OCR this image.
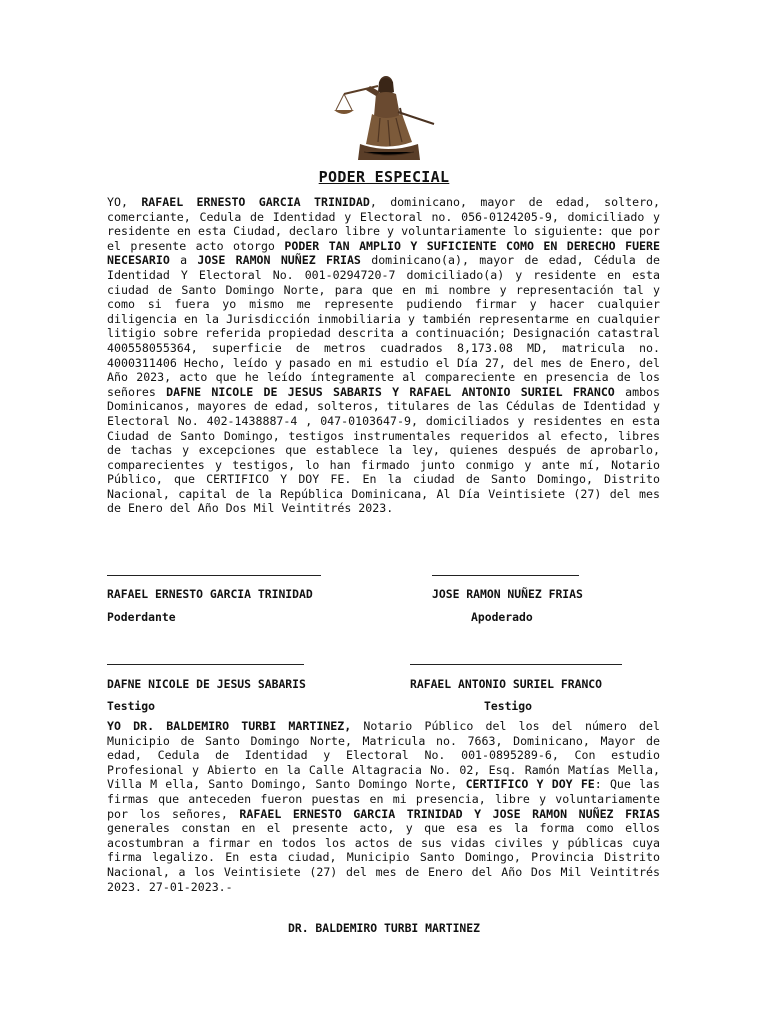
PODER ESPECIAL

YO, RAFAEL ERNESTO GARCIA TRINIDAD, dominicano, mayor de edad, soltero, comerciante, Cedula de Identidad y Electoral no. 056-0124205-9, domiciliado y residente en esta Ciudad, declaro libre y voluntariamente lo siguiente: que por el presente acto otorgo PODER TAN AMPLIO Y SUFICIENTE COMO EN DERECHO FUERE NECESARIO a JOSE RAMON NUÑEZ FRIAS dominicano(a), mayor de edad, Cédula de Identidad Y Electoral No. 001-0294720-7 domiciliado(a) y residente en esta ciudad de Santo Domingo Norte, para que en mi nombre y representación tal y como si fuera yo mismo me represente pudiendo firmar y hacer cualquier diligencia en la Jurisdicción inmobiliaria y también representarme en cualquier litigio sobre referida propiedad descrita a continuación; Designación catastral 400558055364, superficie de metros cuadrados 8,173.08 MD, matricula no. 4000311406 Hecho, leído y pasado en mi estudio el Día 27, del mes de Enero, del Año 2023, acto que he leído íntegramente al compareciente en presencia de los señores DAFNE NICOLE DE JESUS SABARIS Y RAFAEL ANTONIO SURIEL FRANCO ambos Dominicanos, mayores de edad, solteros, titulares de las Cédulas de Identidad y Electoral No. 402-1438887-4 , 047-0103647-9, domiciliados y residentes en esta Ciudad de Santo Domingo, testigos instrumentales requeridos al efecto, libres de tachas y excepciones que establece la ley, quienes después de aprobarlo, comparecientes y testigos, lo han firmado junto conmigo y ante mí, Notario Público, que CERTIFICO Y DOY FE. En la ciudad de Santo Domingo, Distrito Nacional, capital de la República Dominicana, Al Día Veintisiete (27) del mes de Enero del Año Dos Mil Veintitrés 2023.

RAFAEL ERNESTO GARCIA TRINIDAD	JOSE RAMON NUÑEZ FRIAS
Poderdante	Apoderado
DAFNE NICOLE DE JESUS SABARIS	RAFAEL ANTONIO SURIEL FRANCO
Testigo	Testigo

YO DR. BALDEMIRO TURBI MARTINEZ, Notario Público del los del número del Municipio de Santo Domingo Norte, Matricula no. 7663, Dominicano, Mayor de edad, Cedula de Identidad y Electoral No. 001-0895289-6, Con estudio Profesional y Abierto en la Calle Altagracia No. 02, Esq. Ramón Matías Mella, Villa M ella, Santo Domingo, Santo Domingo Norte, CERTIFICO Y DOY FE: Que las firmas que anteceden fueron puestas en mi presencia, libre y voluntariamente por los señores, RAFAEL ERNESTO GARCIA TRINIDAD Y JOSE RAMON NUÑEZ FRIAS generales constan en el presente acto, y que esa es la forma como ellos acostumbran a firmar en todos los actos de sus vidas civiles y públicas cuya firma legalizo. En esta ciudad, Municipio Santo Domingo, Provincia Distrito Nacional, a los Veintisiete (27) del mes de Enero del Año Dos Mil Veintitrés 2023. 27-01-2023.-

DR. BALDEMIRO TURBI MARTINEZ
